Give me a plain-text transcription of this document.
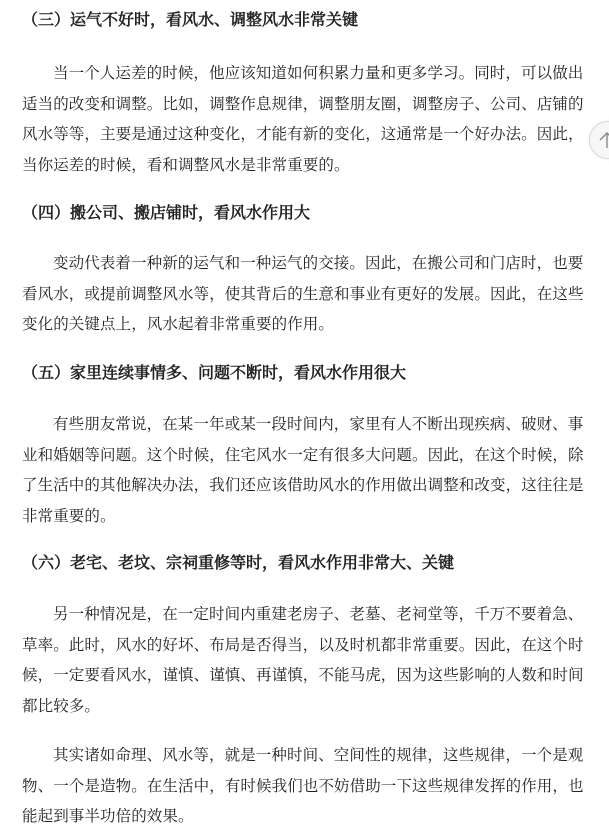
（三）运气不好时，看风水、调整风水非常关键

当一个人运差的时候，他应该知道如何积累力量和更多学习。同时，可以做出适当的改变和调整。比如，调整作息规律，调整朋友圈，调整房子、公司、店铺的风水等等，主要是通过这种变化，才能有新的变化，这通常是一个好办法。因此，当你运差的时候，看和调整风水是非常重要的。

（四）搬公司、搬店铺时，看风水作用大

变动代表着一种新的运气和一种运气的交接。因此，在搬公司和门店时，也要看风水，或提前调整风水等，使其背后的生意和事业有更好的发展。因此，在这些变化的关键点上，风水起着非常重要的作用。

（五）家里连续事情多、问题不断时，看风水作用很大

有些朋友常说，在某一年或某一段时间内，家里有人不断出现疾病、破财、事业和婚姻等问题。这个时候，住宅风水一定有很多大问题。因此，在这个时候，除了生活中的其他解决办法，我们还应该借助风水的作用做出调整和改变，这往往是非常重要的。

（六）老宅、老坟、宗祠重修等时，看风水作用非常大、关键

另一种情况是，在一定时间内重建老房子、老墓、老祠堂等，千万不要着急、草率。此时，风水的好坏、布局是否得当，以及时机都非常重要。因此，在这个时候，一定要看风水，谨慎、谨慎、再谨慎，不能马虎，因为这些影响的人数和时间都比较多。

其实诸如命理、风水等，就是一种时间、空间性的规律，这些规律，一个是观物、一个是造物。在生活中，有时候我们也不妨借助一下这些规律发挥的作用，也能起到事半功倍的效果。
